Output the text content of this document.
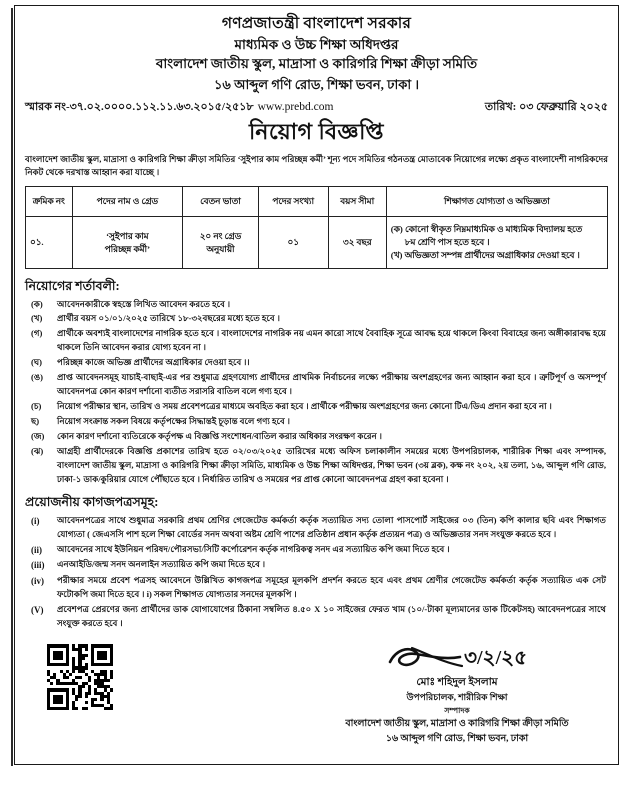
গণপ্রজাতন্ত্রী বাংলাদেশ সরকার
মাধ্যমিক ও উচ্চ শিক্ষা অধিদপ্তর
বাংলাদেশ জাতীয় স্কুল, মাদ্রাসা ও কারিগরি শিক্ষা ক্রীড়া সমিতি
১৬ আব্দুল গণি রোড, শিক্ষা ভবন, ঢাকা ।
স্মারক নং-৩৭.০২.০০০০.১১২.১১.৬৩.২০১৫/২৫১৮ www.prebd.com	তারিখ: ০৩ ফেব্রুয়ারি ২০২৫
নিয়োগ বিজ্ঞপ্তি

বাংলাদেশ জাতীয় স্কুল, মাদ্রাসা ও কারিগরি শিক্ষা ক্রীড়া সমিতির ‘সুইপার কাম পরিচ্ছন্ন কর্মী’ শূন্য পদে সমিতির গঠনতন্ত্র মোতাবেক নিয়োগের লক্ষ্যে প্রকৃত বাংলাদেশী নাগরিকদের নিকট থেকে দরখাস্ত আহ্বান করা যাচ্ছে ।

ক্রমিক নং	পদের নাম ও গ্রেড	বেতন ভাতা	পদের সংখ্যা	বয়স সীমা	শিক্ষাগত যোগ্যতা ও অভিজ্ঞতা
০১.	‘সুইপার কাম
পরিচ্ছন্ন কর্মী’	২০ নং গ্রেড
অনুযায়ী	০১	৩২ বছর	(ক) কোনো স্বীকৃত নিম্নমাধ্যমিক ও মাধ্যমিক বিদ্যালয় হতে
৮ম শ্রেণি পাস হতে হবে ।
(খ) অভিজ্ঞতা সম্পন্ন প্রার্থীদের অগ্রাধিকার দেওয়া হবে ।
নিয়োগের শর্তাবলী:
(ক)	আবেদনকারীকে স্বহস্তে লিখিত আবেদন করতে হবে ।
(খ)	প্রার্থীর বয়স ০১/০১/২০২৫ তারিখে ১৮-৩২বছরের মধ্যে হতে হবে ।
(গ)	প্রার্থীকে অবশ্যই বাংলাদেশের নাগরিক হতে হবে । বাংলাদেশের নাগরিক নয় এমন কারো সাথে বৈবাহিক সূত্রে আবদ্ধ হয়ে থাকলে কিংবা বিবাহের জন্য অঙ্গীকারাবদ্ধ হয়ে থাকলে তিনি আবেদন করার যোগ্য হবেন না ।
(ঘ)	পরিচ্ছন্ন কাজে অভিজ্ঞ প্রার্থীদের অগ্রাধিকার দেওয়া হবে ।।
(ঙ)	প্রাপ্ত আবেদনসমূহ যাচাই-বাছাই-এর পর শুধুমাত্র গ্রহণযোগ্য প্রার্থীদের প্রাথমিক নির্বাচনের লক্ষ্যে পরীক্ষায় অংশগ্রহণের জন্য আহ্বান করা হবে । ত্রুটিপূর্ণ ও অসম্পূর্ণ আবেদনপত্র কোন কারণ দর্শানো ব্যতীত সরাসরি বাতিল বলে গণ্য হবে ।
(চ)	নিয়োগ পরীক্ষার স্থান, তারিখ ও সময় প্রবেশপত্রের মাধ্যমে অবহিত করা হবে । প্রার্থীকে পরীক্ষায় অংশগ্রহণের জন্য কোনো টিএ/ডিএ প্রদান করা হবে না ।
ছ)	নিয়োগ সংক্রান্ত সকল বিষয়ে কর্তৃপক্ষের সিদ্ধান্তই চূড়ান্ত বলে গণ্য হবে ।
(জ)	কোন কারণ দর্শানো ব্যতিরেকে কর্তৃপক্ষ এ বিজ্ঞপ্তি সংশোধন/বাতিল করার অধিকার সংরক্ষণ করেন ।
(ঝ)	আগ্রহী প্রার্থীদেরকে বিজ্ঞপ্তি প্রকাশের তারিখ হতে ০২/০৩/২০২৫ তারিখের মধ্যে অফিস চলাকালীন সময়ের মধ্যে উপপরিচালক, শারীরিক শিক্ষা এবং সম্পাদক, বাংলাদেশ জাতীয় স্কুল, মাদ্রাসা ও কারিগরি শিক্ষা ক্রীড়া সমিতি, মাধ্যমিক ও উচ্চ শিক্ষা অধিদপ্তর, শিক্ষা ভবন (৩য় ব্লক), কক্ষ নং ২০২, ২য় তলা, ১৬, আব্দুল গণি রোড, ঢাকা-১ ডাক/কুরিয়ার যোগে পৌঁছাতে হবে । নির্ধারিত তারিখ ও সময়ের পর প্রাপ্ত কোনো আবেদনপত্র গ্রহণ করা হবেনা ।
প্রয়োজনীয় কাগজপত্রসমূহ:
(i)	আবেদনপত্রের সাথে শুধুমাত্র সরকারি প্রথম শ্রেণির গেজেটেড কর্মকর্তা কর্তৃক সত্যায়িত সদ্য তোলা পাসপোর্ট সাইজের ০৩ (তিন) কপি কালার ছবি এবং শিক্ষাগত যোগ্যতা ( জেএসসি পাশ হলে শিক্ষা বোর্ডের সনদ অথবা অষ্টম শ্রেণি পাশের প্রতিষ্ঠান প্রধান কর্তৃক প্রত্যয়ন পত্র) ও অভিজ্ঞতার সনদ সংযুক্ত করতে হবে ।
(ii)	আবেদনের সাথে ইউনিয়ন পরিষদ/পৌরসভা/সিটি কর্পোরেশন কর্তৃক নাগরিকত্ব সনদ এর সত্যায়িত কপি জমা দিতে হবে ।
(iii)	এনআইডি/জন্ম সনদ অনলাইন সত্যায়িত কপি জমা দিতে হবে ।
(iv)	পরীক্ষার সময়ে প্রবেশ পত্রসহ আবেদনে উল্লিখিত কাগজপত্র সমূহের মূলকপি প্রদর্শন করতে হবে এবং প্রথম শ্রেণীর গেজেটেড কর্মকর্তা কর্তৃক সত্যায়িত এক সেট ফটোকপি জমা দিতে হবে । i) সকল শিক্ষাগত যোগ্যতার সনদের মূলকপি ।
(V)	প্রবেশপত্র প্রেরণের জন্য প্রার্থীদের ডাক যোগাযোগের ঠিকানা সম্বলিত ৪.৫০ X ১০ সাইজের ফেরত খাম (১০/-টাকা মূল্যমানের ডাক টিকেটসহ) আবেদনপত্রের সাথে সংযুক্ত করতে হবে ।
৩/২/২৫
মোঃ শহিদুল ইসলাম
উপপরিচালক, শারীরিক শিক্ষা
সম্পাদক
বাংলাদেশ জাতীয় স্কুল, মাদ্রাসা ও কারিগরি শিক্ষা ক্রীড়া সমিতি
১৬ আব্দুল গণি রোড, শিক্ষা ভবন, ঢাকা
